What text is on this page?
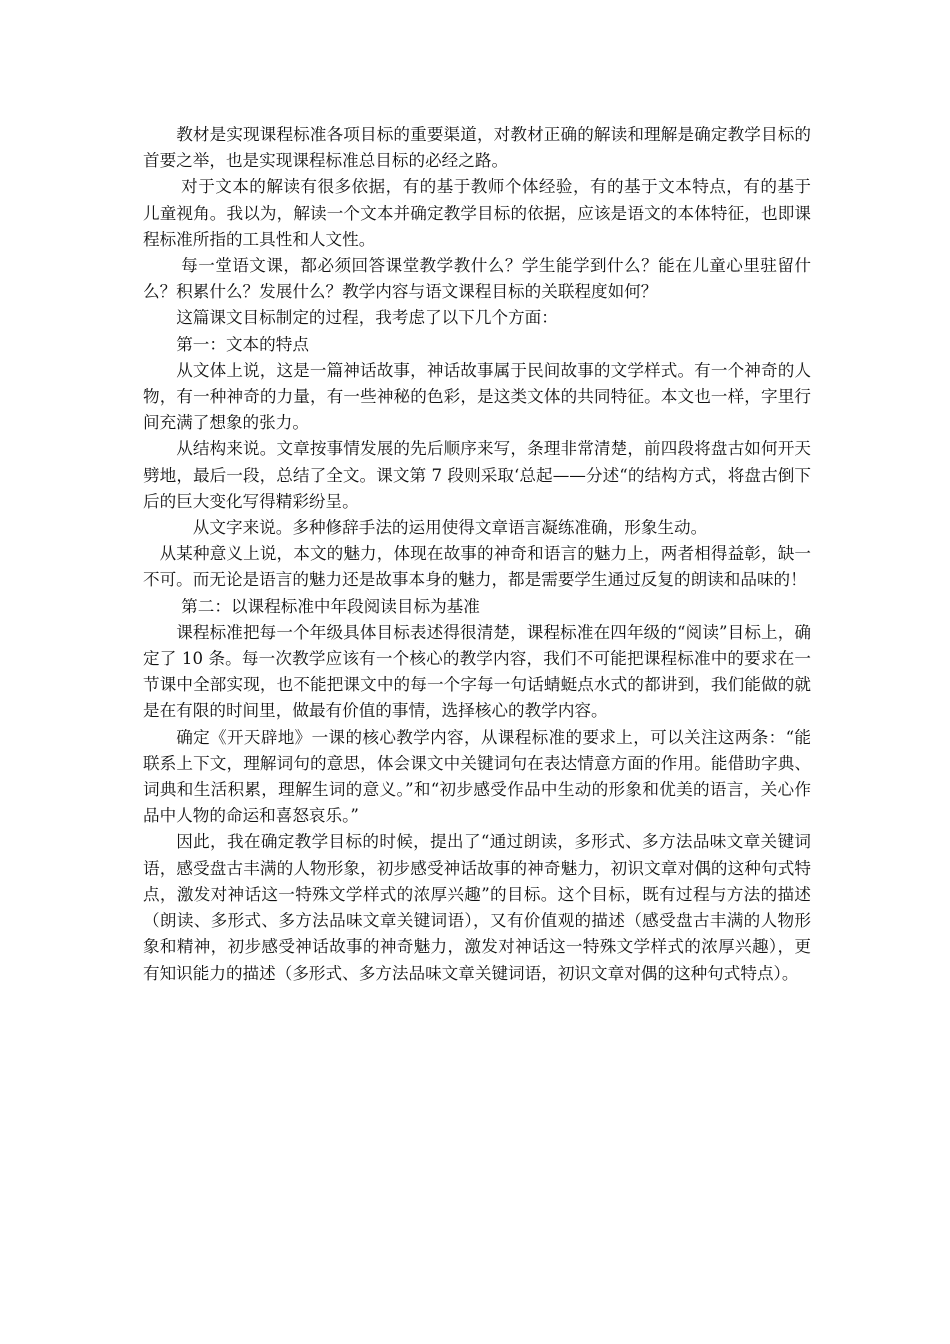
教材是实现课程标准各项目标的重要渠道，对教材正确的解读和理解是确定教学目标的首要之举，也是实现课程标准总目标的必经之路。

对于文本的解读有很多依据，有的基于教师个体经验，有的基于文本特点，有的基于儿童视角。我以为，解读一个文本并确定教学目标的依据，应该是语文的本体特征，也即课程标准所指的工具性和人文性。

每一堂语文课，都必须回答课堂教学教什么？学生能学到什么？能在儿童心里驻留什么？积累什么？发展什么？教学内容与语文课程目标的关联程度如何？

这篇课文目标制定的过程，我考虑了以下几个方面：

第一：文本的特点

从文体上说，这是一篇神话故事，神话故事属于民间故事的文学样式。有一个神奇的人物，有一种神奇的力量，有一些神秘的色彩，是这类文体的共同特征。本文也一样，字里行间充满了想象的张力。

从结构来说。文章按事情发展的先后顺序来写，条理非常清楚，前四段将盘古如何开天劈地，最后一段，总结了全文。课文第 7 段则采取‘总起——分述“的结构方式，将盘古倒下后的巨大变化写得精彩纷呈。

从文字来说。多种修辞手法的运用使得文章语言凝练准确，形象生动。

从某种意义上说，本文的魅力，体现在故事的神奇和语言的魅力上，两者相得益彰，缺一不可。而无论是语言的魅力还是故事本身的魅力，都是需要学生通过反复的朗读和品味的！

第二：以课程标准中年段阅读目标为基准

课程标准把每一个年级具体目标表述得很清楚，课程标准在四年级的“阅读”目标上，确定了 10 条。每一次教学应该有一个核心的教学内容，我们不可能把课程标准中的要求在一节课中全部实现，也不能把课文中的每一个字每一句话蜻蜓点水式的都讲到，我们能做的就是在有限的时间里，做最有价值的事情，选择核心的教学内容。

确定《开天辟地》一课的核心教学内容，从课程标准的要求上，可以关注这两条：“能联系上下文，理解词句的意思，体会课文中关键词句在表达情意方面的作用。能借助字典、词典和生活积累，理解生词的意义。”和“初步感受作品中生动的形象和优美的语言，关心作品中人物的命运和喜怒哀乐。”

因此，我在确定教学目标的时候，提出了“通过朗读，多形式、多方法品味文章关键词语，感受盘古丰满的人物形象，初步感受神话故事的神奇魅力，初识文章对偶的这种句式特点，激发对神话这一特殊文学样式的浓厚兴趣”的目标。这个目标，既有过程与方法的描述（朗读、多形式、多方法品味文章关键词语），又有价值观的描述（感受盘古丰满的人物形象和精神，初步感受神话故事的神奇魅力，激发对神话这一特殊文学样式的浓厚兴趣），更有知识能力的描述（多形式、多方法品味文章关键词语，初识文章对偶的这种句式特点）。
